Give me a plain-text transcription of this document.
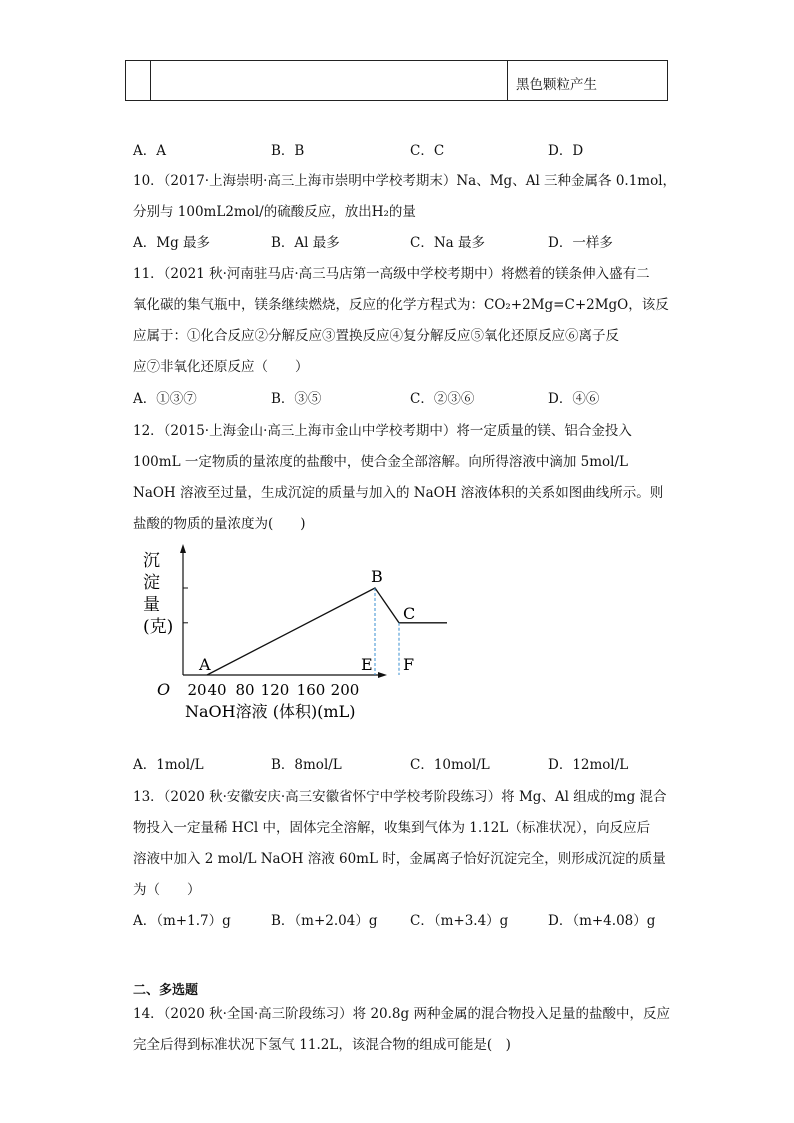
黑色颗粒产生
A．A	B．B	C．C	D．D
10．（2017·上海崇明·高三上海市崇明中学校考期末）Na、Mg、Al 三种金属各 0.1mol，
分别与 100mL2mol/的硫酸反应，放出H₂的量
A．Mg 最多	B．Al 最多	C．Na 最多	D．一样多
11．（2021 秋·河南驻马店·高三马店第一高级中学校考期中）将燃着的镁条伸入盛有二
氧化碳的集气瓶中，镁条继续燃烧，反应的化学方程式为：CO₂+2Mg=C+2MgO，该反
应属于：①化合反应②分解反应③置换反应④复分解反应⑤氧化还原反应⑥离子反
应⑦非氧化还原反应（　　）
A．①③⑦	B．③⑤	C．②③⑥	D．④⑥
12．（2015·上海金山·高三上海市金山中学校考期中）将一定质量的镁、铝合金投入
100mL 一定物质的量浓度的盐酸中，使合金全部溶解。向所得溶液中滴加 5mol/L
NaOH 溶液至过量，生成沉淀的质量与加入的 NaOH 溶液体积的关系如图曲线所示。则
盐酸的物质的量浓度为(　　)
沉
淀
量
(克)
O 20 40 80 120 160 200
NaOH溶液 (体积)(mL)
A
B
C
E F
A．1mol/L	B．8mol/L	C．10mol/L	D．12mol/L
13．（2020 秋·安徽安庆·高三安徽省怀宁中学校考阶段练习）将 Mg、Al 组成的mg 混合
物投入一定量稀 HCl 中，固体完全溶解，收集到气体为 1.12L（标准状况），向反应后
溶液中加入 2 mol/L NaOH 溶液 60mL 时，金属离子恰好沉淀完全，则形成沉淀的质量
为（　　）
A．（m+1.7）g	B．（m+2.04）g C．（m+3.4）g	D．（m+4.08）g
二、多选题
14．（2020 秋·全国·高三阶段练习）将 20.8g 两种金属的混合物投入足量的盐酸中，反应
完全后得到标准状况下氢气 11.2L，该混合物的组成可能是(　)
